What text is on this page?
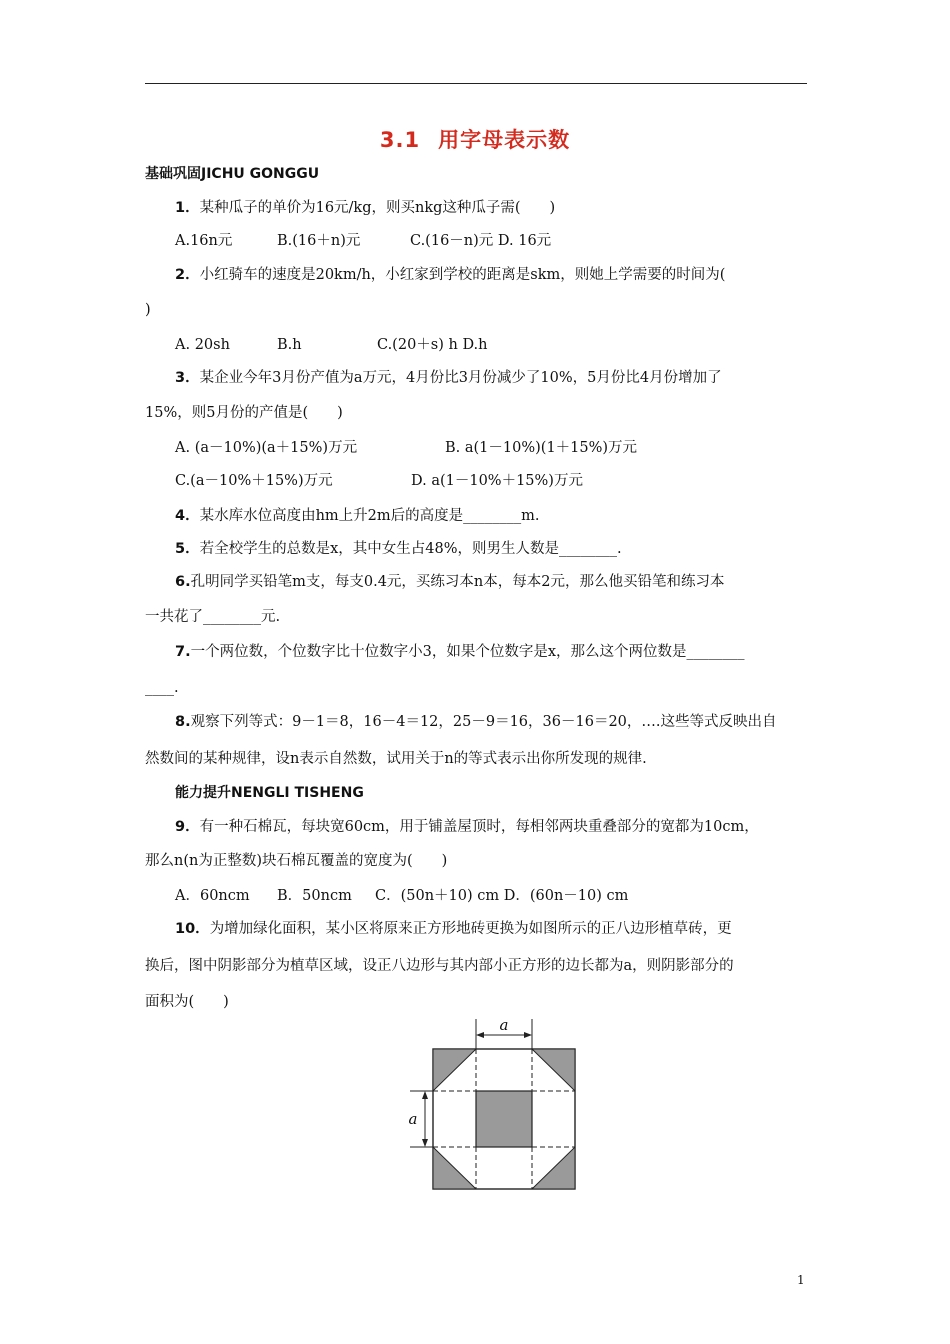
3.1 用字母表示数
基础巩固JICHU GONGGU
1．某种瓜子的单价为16元/kg，则买nkg这种瓜子需(　　)
A.16n元	B.(16＋n)元	C.(16－n)元 D. 16元
2．小红骑车的速度是20km/h，小红家到学校的距离是skm，则她上学需要的时间为(
)
A. 20sh	B.h	C.(20＋s) h D.h
3．某企业今年3月份产值为a万元，4月份比3月份减少了10%，5月份比4月份增加了
15%，则5月份的产值是(　　)
A. (a－10%)(a＋15%)万元	B. a(1－10%)(1＋15%)万元
C.(a－10%＋15%)万元	D. a(1－10%＋15%)万元
4．某水库水位高度由hm上升2m后的高度是________m.
5．若全校学生的总数是x，其中女生占48%，则男生人数是________.
6.孔明同学买铅笔m支，每支0.4元，买练习本n本，每本2元，那么他买铅笔和练习本
一共花了________元.
7.一个两位数，个位数字比十位数字小3，如果个位数字是x，那么这个两位数是________
____.
8.观察下列等式：9－1＝8，16－4＝12，25－9＝16，36－16＝20，….这些等式反映出自
然数间的某种规律，设n表示自然数，试用关于n的等式表示出你所发现的规律.
能力提升NENGLI TISHENG
9．有一种石棉瓦，每块宽60cm，用于铺盖屋顶时，每相邻两块重叠部分的宽都为10cm，
那么n(n为正整数)块石棉瓦覆盖的宽度为(　　)
A．60ncm B．50ncm C．(50n＋10) cm D．(60n－10) cm
10．为增加绿化面积，某小区将原来正方形地砖更换为如图所示的正八边形植草砖，更
换后，图中阴影部分为植草区域，设正八边形与其内部小正方形的边长都为a，则阴影部分的
面积为(　　)
a
a
1
